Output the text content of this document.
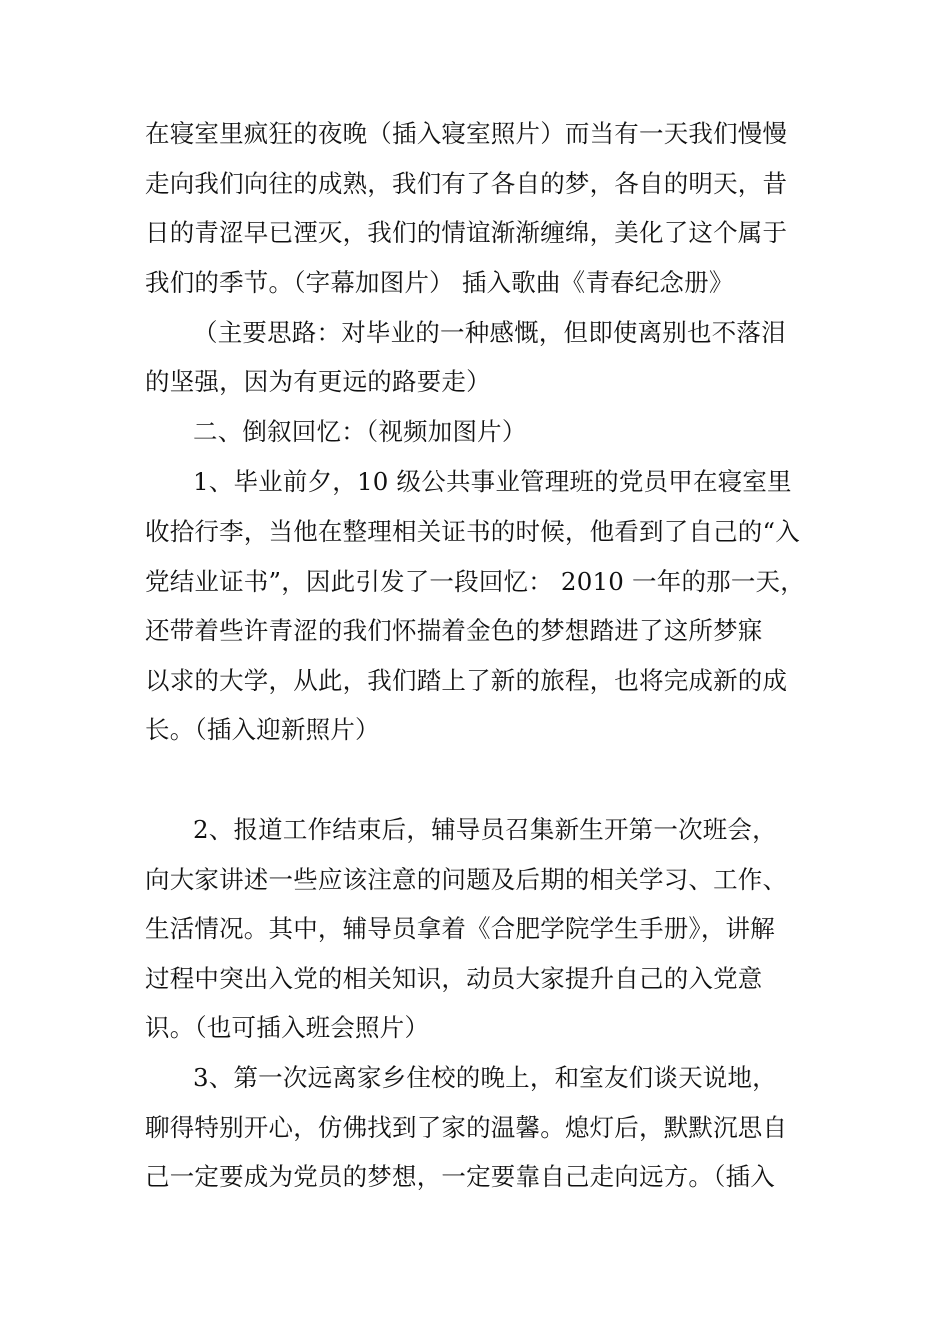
在寝室里疯狂的夜晚（插入寝室照片）而当有一天我们慢慢
走向我们向往的成熟，我们有了各自的梦，各自的明天，昔
日的青涩早已湮灭，我们的情谊渐渐缠绵，美化了这个属于
我们的季节。（字幕加图片） 插入歌曲《青春纪念册》
（主要思路：对毕业的一种感慨，但即使离别也不落泪
的坚强，因为有更远的路要走）
二、倒叙回忆：（视频加图片）
1、毕业前夕，10 级公共事业管理班的党员甲在寝室里
收拾行李，当他在整理相关证书的时候，他看到了自己的“入
党结业证书”，因此引发了一段回忆： 2010 一年的那一天，
还带着些许青涩的我们怀揣着金色的梦想踏进了这所梦寐
以求的大学，从此，我们踏上了新的旅程，也将完成新的成
长。（插入迎新照片）
2、报道工作结束后，辅导员召集新生开第一次班会，
向大家讲述一些应该注意的问题及后期的相关学习、工作、
生活情况。其中，辅导员拿着《合肥学院学生手册》，讲解
过程中突出入党的相关知识，动员大家提升自己的入党意
识。（也可插入班会照片）
3、第一次远离家乡住校的晚上，和室友们谈天说地，
聊得特别开心，仿佛找到了家的温馨。熄灯后，默默沉思自
己一定要成为党员的梦想，一定要靠自己走向远方。（插入
